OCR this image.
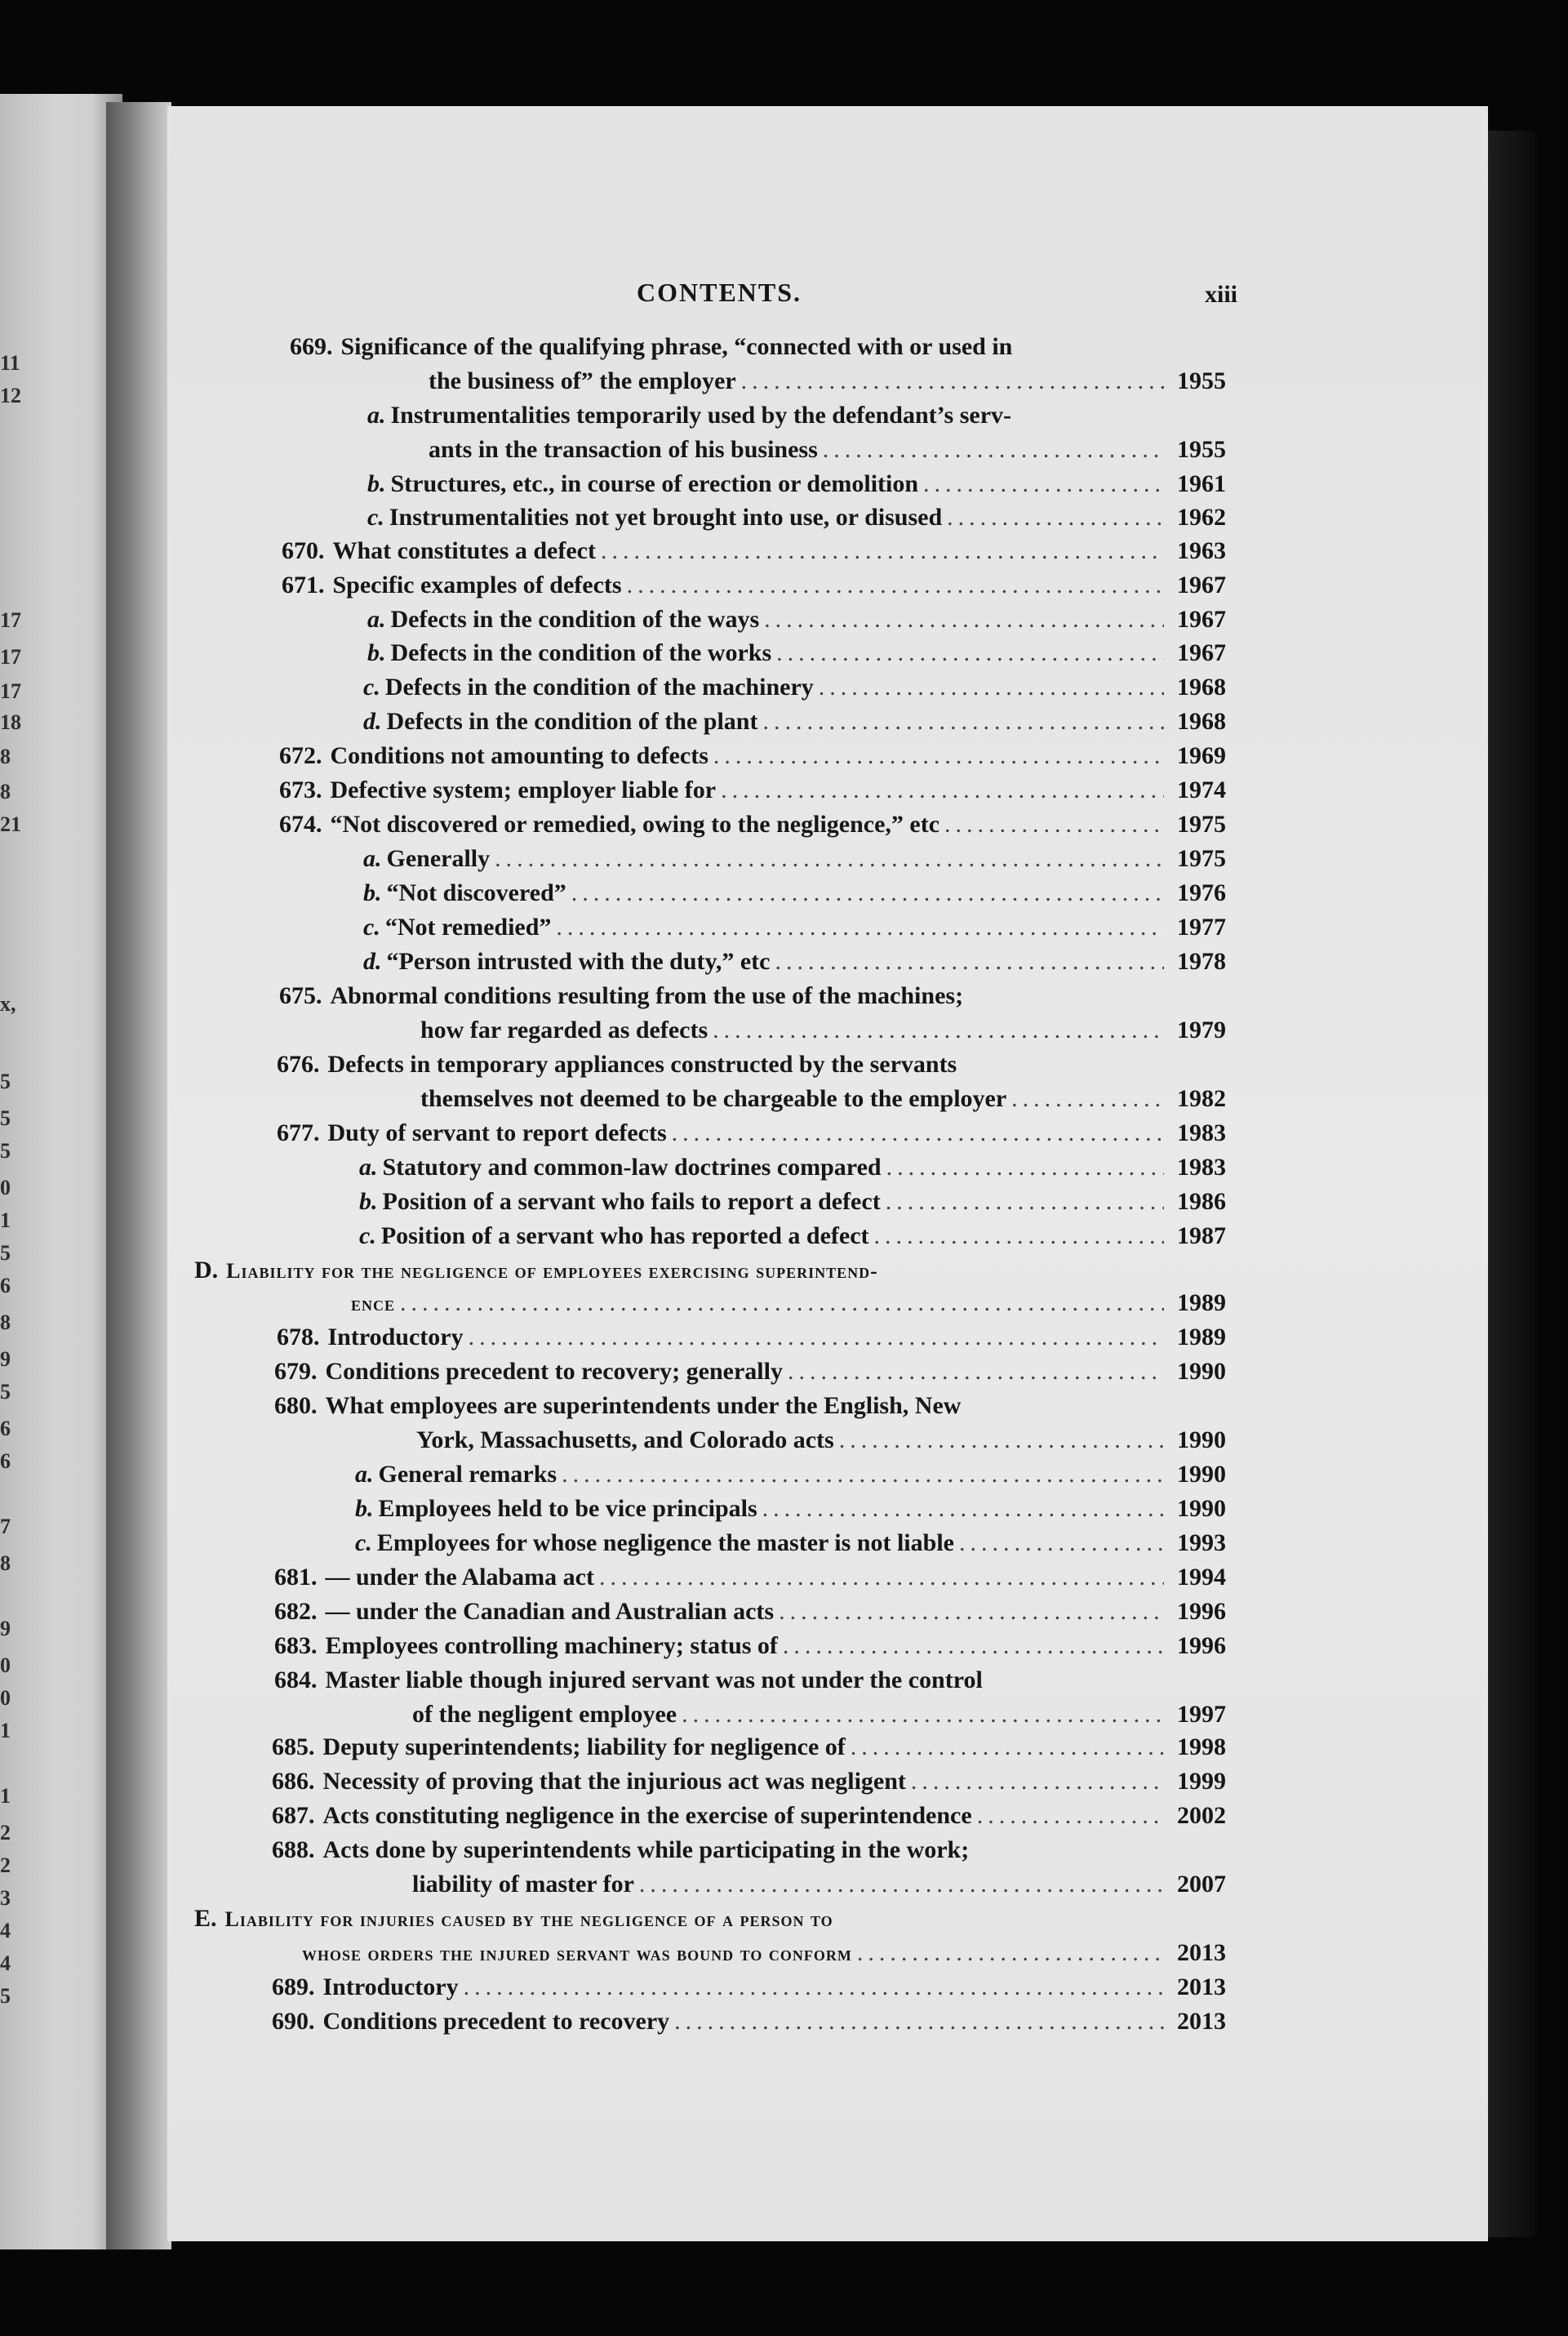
11
12
17
17
17
18
8
8
21
x,
5
5
5
0
1
5
6
8
9
5
6
6
7
8
9
0
0
1
1
2
2
3
4
4
5
CONTENTS.	xiii
669. Significance of the qualifying phrase, “connected with or used in
the business of” the employer .....	1955
a. Instrumentalities temporarily used by the defendant’s serv-
ants in the transaction of his business .....	1955
b. Structures, etc., in course of erection or demolition .....	1961
c. Instrumentalities not yet brought into use, or disused .....	1962
670. What constitutes a defect .....	1963
671. Specific examples of defects .....	1967
a. Defects in the condition of the ways .....	1967
b. Defects in the condition of the works .....	1967
c. Defects in the condition of the machinery .....	1968
d. Defects in the condition of the plant .....	1968
672. Conditions not amounting to defects .....	1969
673. Defective system; employer liable for .....	1974
674. “Not discovered or remedied, owing to the negligence,” etc .....	1975
a. Generally .....	1975
b. “Not discovered” .....	1976
c. “Not remedied” .....	1977
d. “Person intrusted with the duty,” etc .....	1978
675. Abnormal conditions resulting from the use of the machines;
how far regarded as defects .....	1979
676. Defects in temporary appliances constructed by the servants
themselves not deemed to be chargeable to the employer .....	1982
677. Duty of servant to report defects .....	1983
a. Statutory and common-law doctrines compared .....	1983
b. Position of a servant who fails to report a defect .....	1986
c. Position of a servant who has reported a defect .....	1987
D. Liability for the negligence of employees exercising superintend-
ence .....	1989
678. Introductory .....	1989
679. Conditions precedent to recovery; generally .....	1990
680. What employees are superintendents under the English, New
York, Massachusetts, and Colorado acts .....	1990
a. General remarks .....	1990
b. Employees held to be vice principals .....	1990
c. Employees for whose negligence the master is not liable .....	1993
681. — under the Alabama act .....	1994
682. — under the Canadian and Australian acts .....	1996
683. Employees controlling machinery; status of .....	1996
684. Master liable though injured servant was not under the control
of the negligent employee .....	1997
685. Deputy superintendents; liability for negligence of .....	1998
686. Necessity of proving that the injurious act was negligent .....	1999
687. Acts constituting negligence in the exercise of superintendence .....	2002
688. Acts done by superintendents while participating in the work;
liability of master for .....	2007
E. Liability for injuries caused by the negligence of a person to
whose orders the injured servant was bound to conform .....	2013
689. Introductory .....	2013
690. Conditions precedent to recovery .....	2013
